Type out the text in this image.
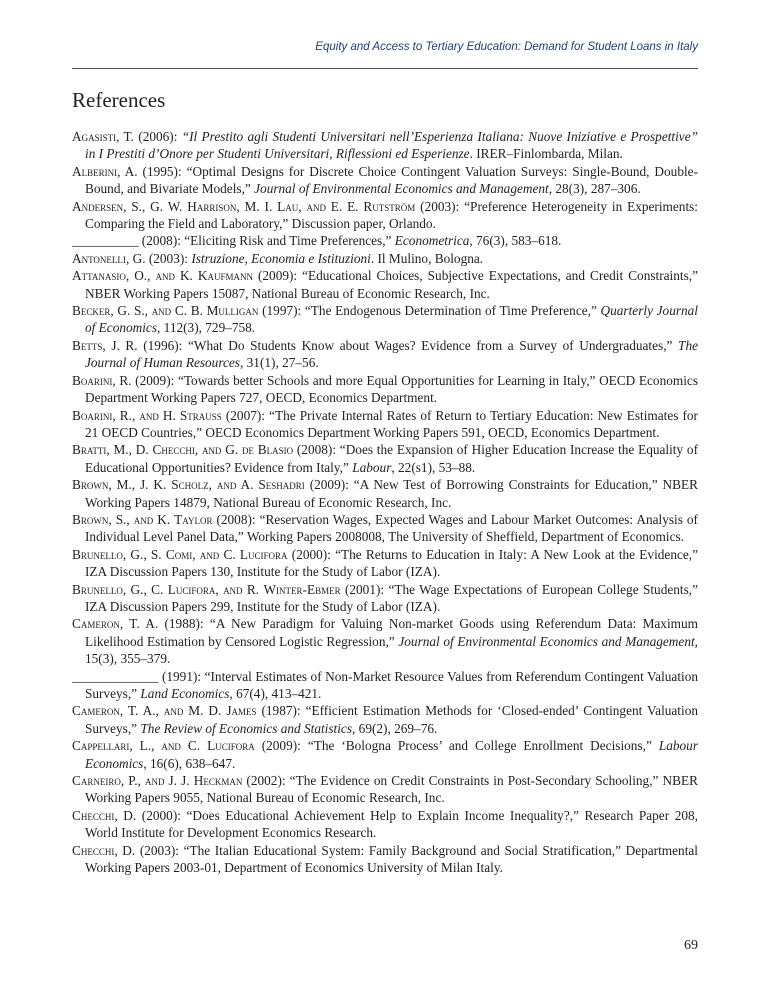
Equity and Access to Tertiary Education: Demand for Student Loans in Italy
References
Agasisti, T. (2006): “Il Prestito agli Studenti Universitari nell’Esperienza Italiana: Nuove Iniziative e Prospettive” in I Prestiti d’Onore per Studenti Universitari, Riflessioni ed Esperienze. IRER–Finlombarda, Milan.
Alberini, A. (1995): “Optimal Designs for Discrete Choice Contingent Valuation Surveys: Single-Bound, Double-Bound, and Bivariate Models,” Journal of Environmental Economics and Management, 28(3), 287–306.
Andersen, S., G. W. Harrison, M. I. Lau, and E. E. Rutström (2003): “Preference Heterogeneity in Experiments: Comparing the Field and Laboratory,” Discussion paper, Orlando.
__________ (2008): “Eliciting Risk and Time Preferences,” Econometrica, 76(3), 583–618.
Antonelli, G. (2003): Istruzione, Economia e Istituzioni. Il Mulino, Bologna.
Attanasio, O., and K. Kaufmann (2009): “Educational Choices, Subjective Expectations, and Credit Constraints,” NBER Working Papers 15087, National Bureau of Economic Research, Inc.
Becker, G. S., and C. B. Mulligan (1997): “The Endogenous Determination of Time Preference,” Quarterly Journal of Economics, 112(3), 729–758.
Betts, J. R. (1996): “What Do Students Know about Wages? Evidence from a Survey of Undergraduates,” The Journal of Human Resources, 31(1), 27–56.
Boarini, R. (2009): “Towards better Schools and more Equal Opportunities for Learning in Italy,” OECD Economics Department Working Papers 727, OECD, Economics Department.
Boarini, R., and H. Strauss (2007): “The Private Internal Rates of Return to Tertiary Education: New Estimates for 21 OECD Countries,” OECD Economics Department Working Papers 591, OECD, Economics Department.
Bratti, M., D. Checchi, and G. de Blasio (2008): “Does the Expansion of Higher Education Increase the Equality of Educational Opportunities? Evidence from Italy,” Labour, 22(s1), 53–88.
Brown, M., J. K. Scholz, and A. Seshadri (2009): “A New Test of Borrowing Constraints for Education,” NBER Working Papers 14879, National Bureau of Economic Research, Inc.
Brown, S., and K. Taylor (2008): “Reservation Wages, Expected Wages and Labour Market Outcomes: Analysis of Individual Level Panel Data,” Working Papers 2008008, The University of Sheffield, Department of Economics.
Brunello, G., S. Comi, and C. Lucifora (2000): “The Returns to Education in Italy: A New Look at the Evidence,” IZA Discussion Papers 130, Institute for the Study of Labor (IZA).
Brunello, G., C. Lucifora, and R. Winter-Ebmer (2001): “The Wage Expectations of European College Students,” IZA Discussion Papers 299, Institute for the Study of Labor (IZA).
Cameron, T. A. (1988): “A New Paradigm for Valuing Non-market Goods using Referendum Data: Maximum Likelihood Estimation by Censored Logistic Regression,” Journal of Environmental Economics and Management, 15(3), 355–379.
_____________ (1991): “Interval Estimates of Non-Market Resource Values from Referendum Contingent Valuation Surveys,” Land Economics, 67(4), 413–421.
Cameron, T. A., and M. D. James (1987): “Efficient Estimation Methods for ‘Closed-ended’ Contingent Valuation Surveys,” The Review of Economics and Statistics, 69(2), 269–76.
Cappellari, L., and C. Lucifora (2009): “The ‘Bologna Process’ and College Enrollment Decisions,” Labour Economics, 16(6), 638–647.
Carneiro, P., and J. J. Heckman (2002): “The Evidence on Credit Constraints in Post-Secondary Schooling,” NBER Working Papers 9055, National Bureau of Economic Research, Inc.
Checchi, D. (2000): “Does Educational Achievement Help to Explain Income Inequality?,” Research Paper 208, World Institute for Development Economics Research.
Checchi, D. (2003): “The Italian Educational System: Family Background and Social Stratification,” Departmental Working Papers 2003-01, Department of Economics University of Milan Italy.
69
